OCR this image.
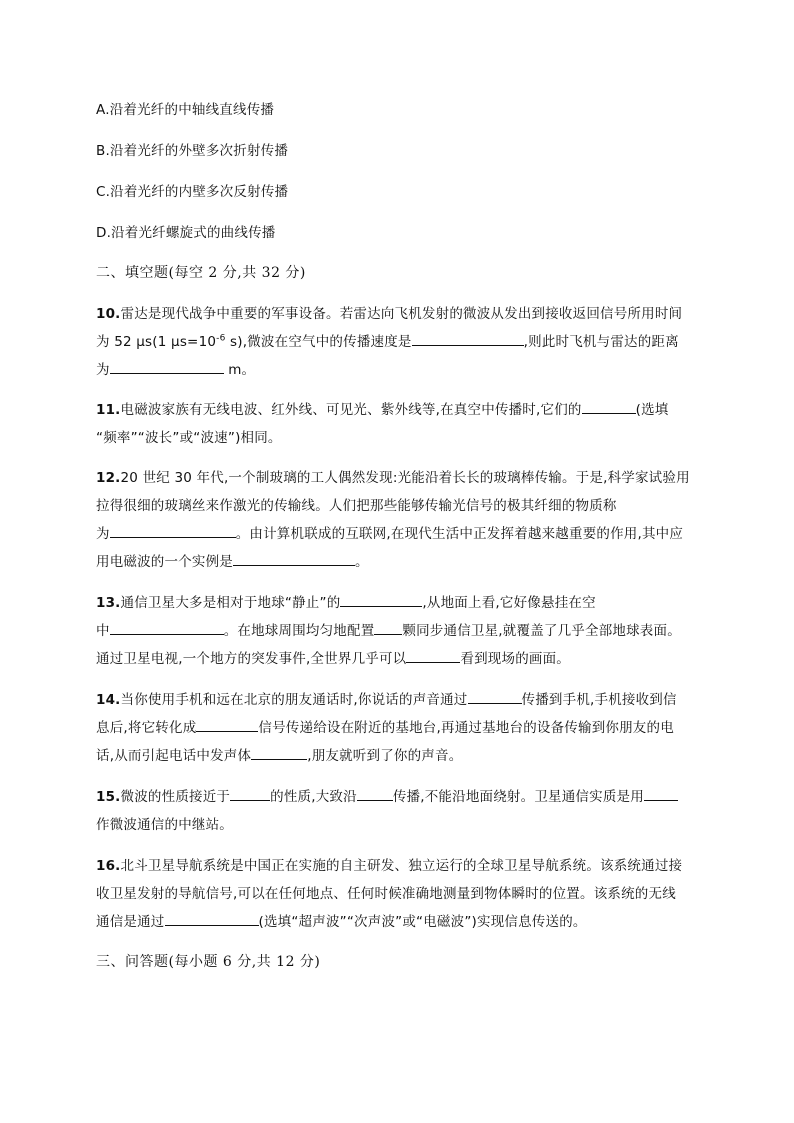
A.沿着光纤的中轴线直线传播
B.沿着光纤的外壁多次折射传播
C.沿着光纤的内壁多次反射传播
D.沿着光纤螺旋式的曲线传播
二、填空题(每空 2 分,共 32 分)
10.雷达是现代战争中重要的军事设备。若雷达向飞机发射的微波从发出到接收返回信号所用时间
为 52 μs(1 $\mu s=10^{-6}$ s),微波在空气中的传播速度是	,则此时飞机与雷达的距离
为	m。
11.电磁波家族有无线电波、红外线、可见光、紫外线等,在真空中传播时,它们的	(选填
“频率”“波长”或“波速”)相同。
12.20 世纪 30 年代,一个制玻璃的工人偶然发现:光能沿着长长的玻璃棒传输。于是,科学家试验用
拉得很细的玻璃丝来作激光的传输线。人们把那些能够传输光信号的极其纤细的物质称
为	。由计算机联成的互联网,在现代生活中正发挥着越来越重要的作用,其中应
用电磁波的一个实例是	。
13.通信卫星大多是相对于地球“静止”的	,从地面上看,它好像悬挂在空
中	。在地球周围均匀地配置 颗同步通信卫星,就覆盖了几乎全部地球表面。
通过卫星电视,一个地方的突发事件,全世界几乎可以	看到现场的画面。
14.当你使用手机和远在北京的朋友通话时,你说话的声音通过	传播到手机,手机接收到信
息后,将它转化成	信号传递给设在附近的基地台,再通过基地台的设备传输到你朋友的电
话,从而引起电话中发声体	,朋友就听到了你的声音。
15.微波的性质接近于	的性质,大致沿	传播,不能沿地面绕射。卫星通信实质是用
作微波通信的中继站。
16.北斗卫星导航系统是中国正在实施的自主研发、独立运行的全球卫星导航系统。该系统通过接
收卫星发射的导航信号,可以在任何地点、任何时候准确地测量到物体瞬时的位置。该系统的无线
通信是通过	(选填“超声波”“次声波”或“电磁波”)实现信息传送的。
三、问答题(每小题 6 分,共 12 分)
